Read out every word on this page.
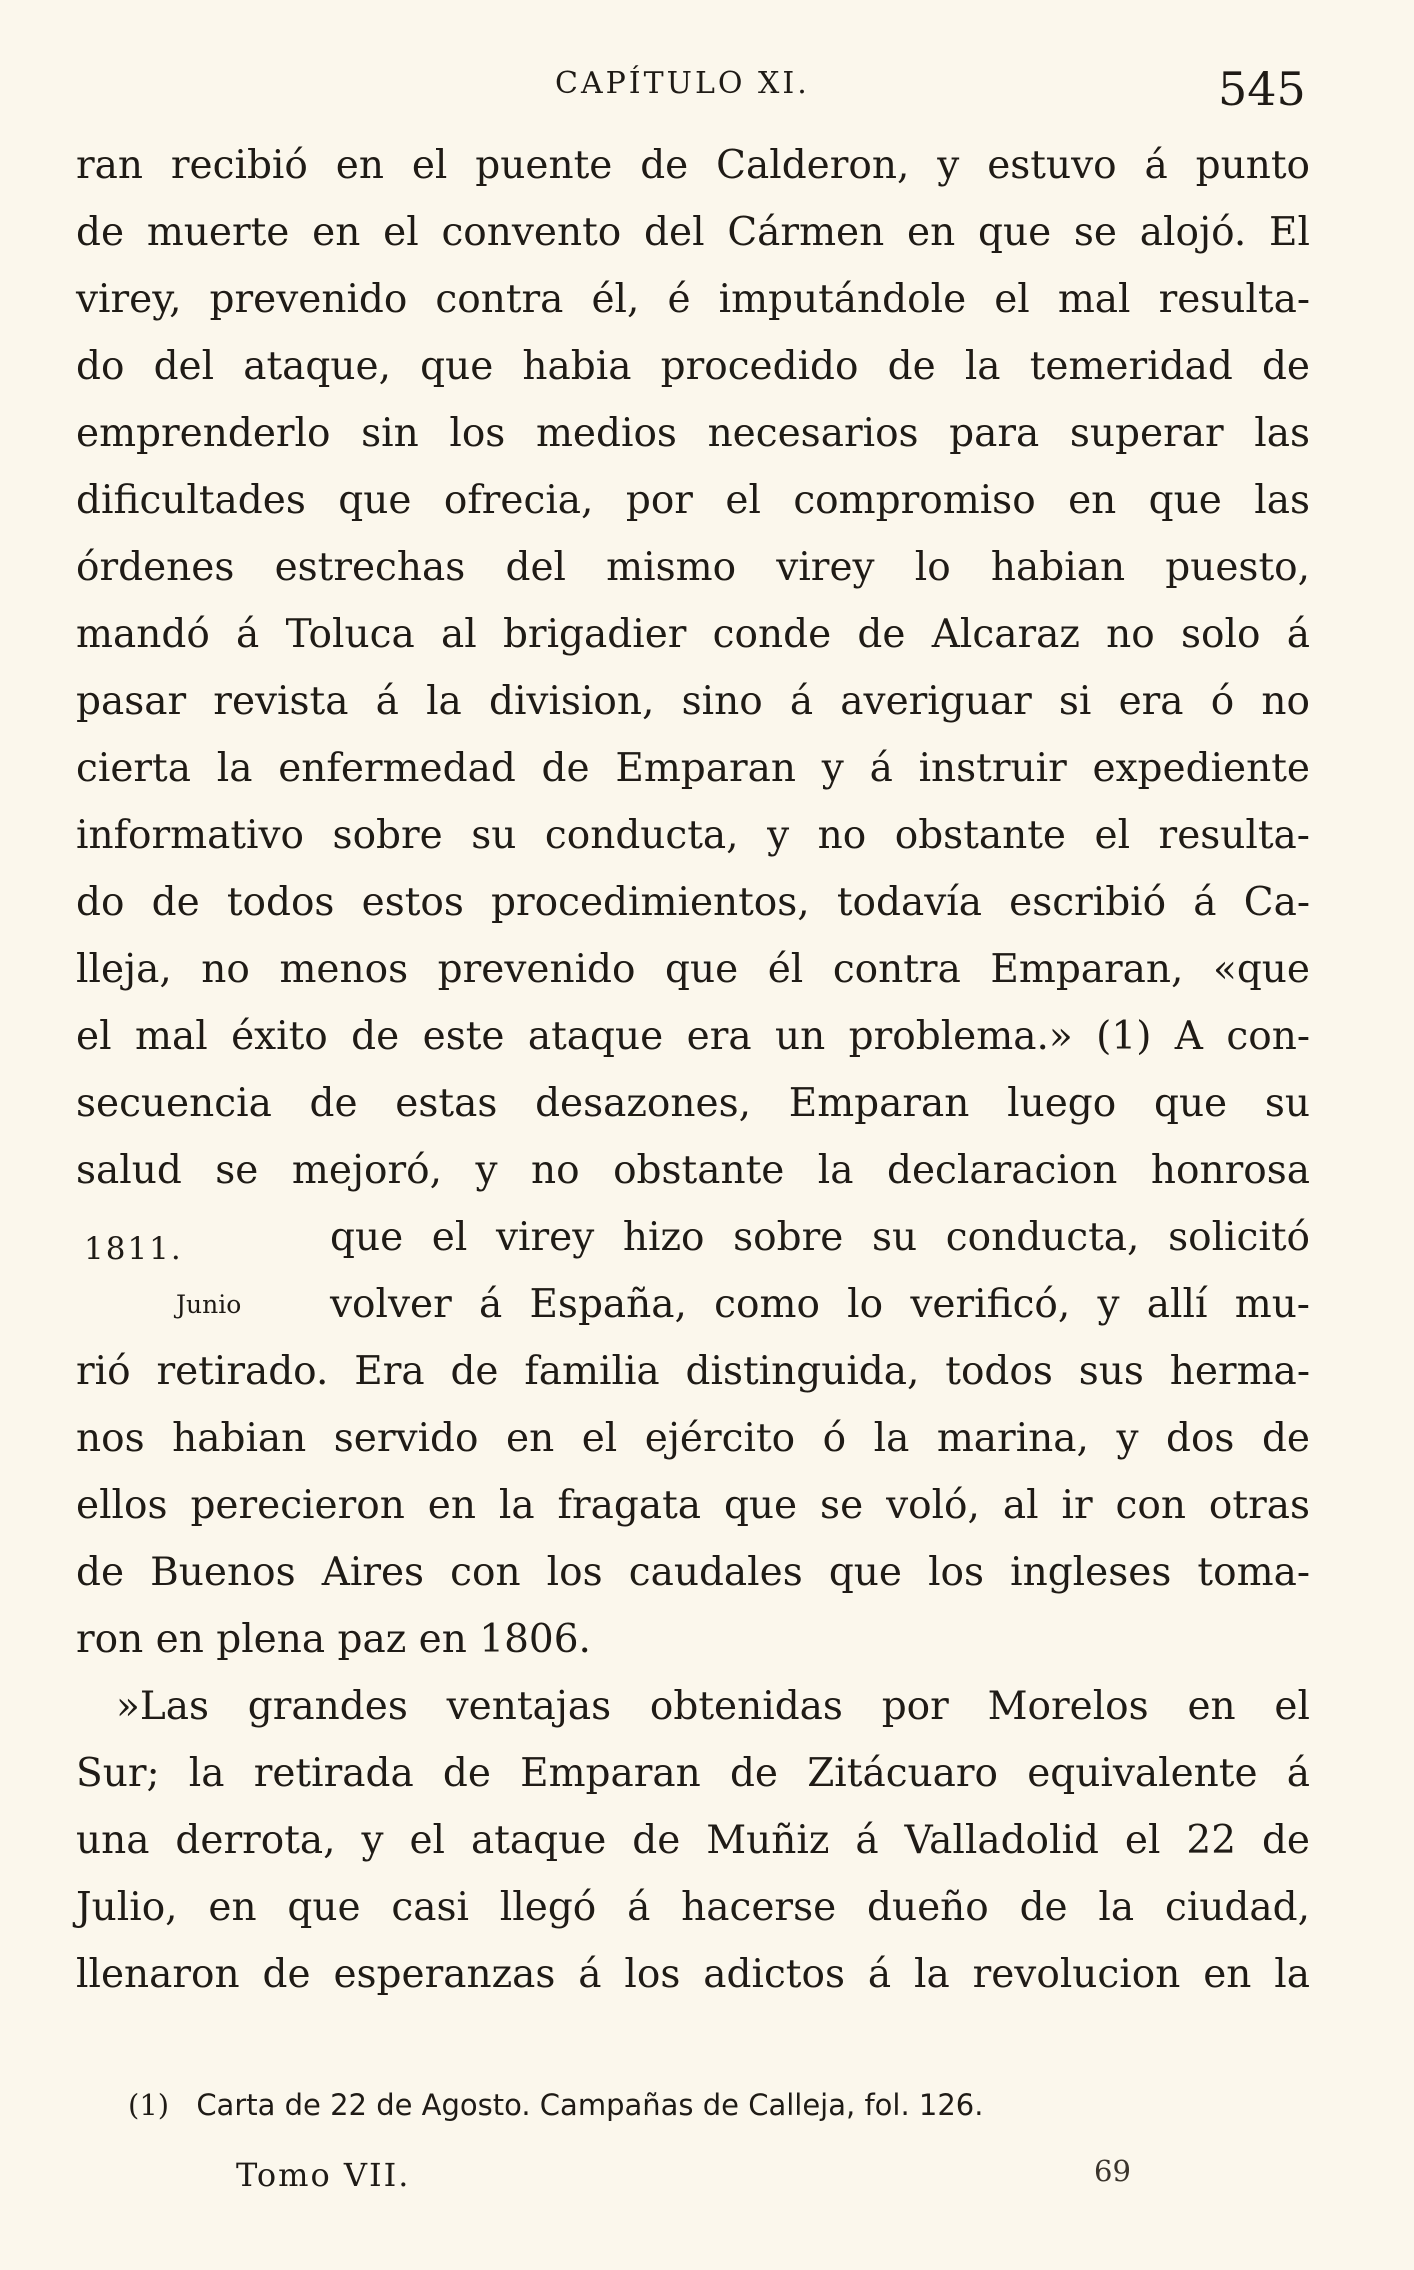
CAPÍTULO XI.	545
ran recibió en el puente de Calderon, y estuvo á punto
de muerte en el convento del Cármen en que se alojó. El
virey, prevenido contra él, é imputándole el mal resulta-
do del ataque, que habia procedido de la temeridad de
emprenderlo sin los medios necesarios para superar las
dificultades que ofrecia, por el compromiso en que las
órdenes estrechas del mismo virey lo habian puesto,
mandó á Toluca al brigadier conde de Alcaraz no solo á
pasar revista á la division, sino á averiguar si era ó no
cierta la enfermedad de Emparan y á instruir expediente
informativo sobre su conducta, y no obstante el resulta-
do de todos estos procedimientos, todavía escribió á Ca-
lleja, no menos prevenido que él contra Emparan, «que
el mal éxito de este ataque era un problema.» (1) A con-
secuencia de estas desazones, Emparan luego que su
salud se mejoró, y no obstante la declaracion honrosa
1811.	que el virey hizo sobre su conducta, solicitó
Junio volver á España, como lo verificó, y allí mu-
rió retirado. Era de familia distinguida, todos sus herma-
nos habian servido en el ejército ó la marina, y dos de
ellos perecieron en la fragata que se voló, al ir con otras
de Buenos Aires con los caudales que los ingleses toma-
ron en plena paz en 1806.
»Las grandes ventajas obtenidas por Morelos en el
Sur; la retirada de Emparan de Zitácuaro equivalente á
una derrota, y el ataque de Muñiz á Valladolid el 22 de
Julio, en que casi llegó á hacerse dueño de la ciudad,
llenaron de esperanzas á los adictos á la revolucion en la
(1) Carta de 22 de Agosto. Campañas de Calleja, fol. 126.
Tomo VII.	69
